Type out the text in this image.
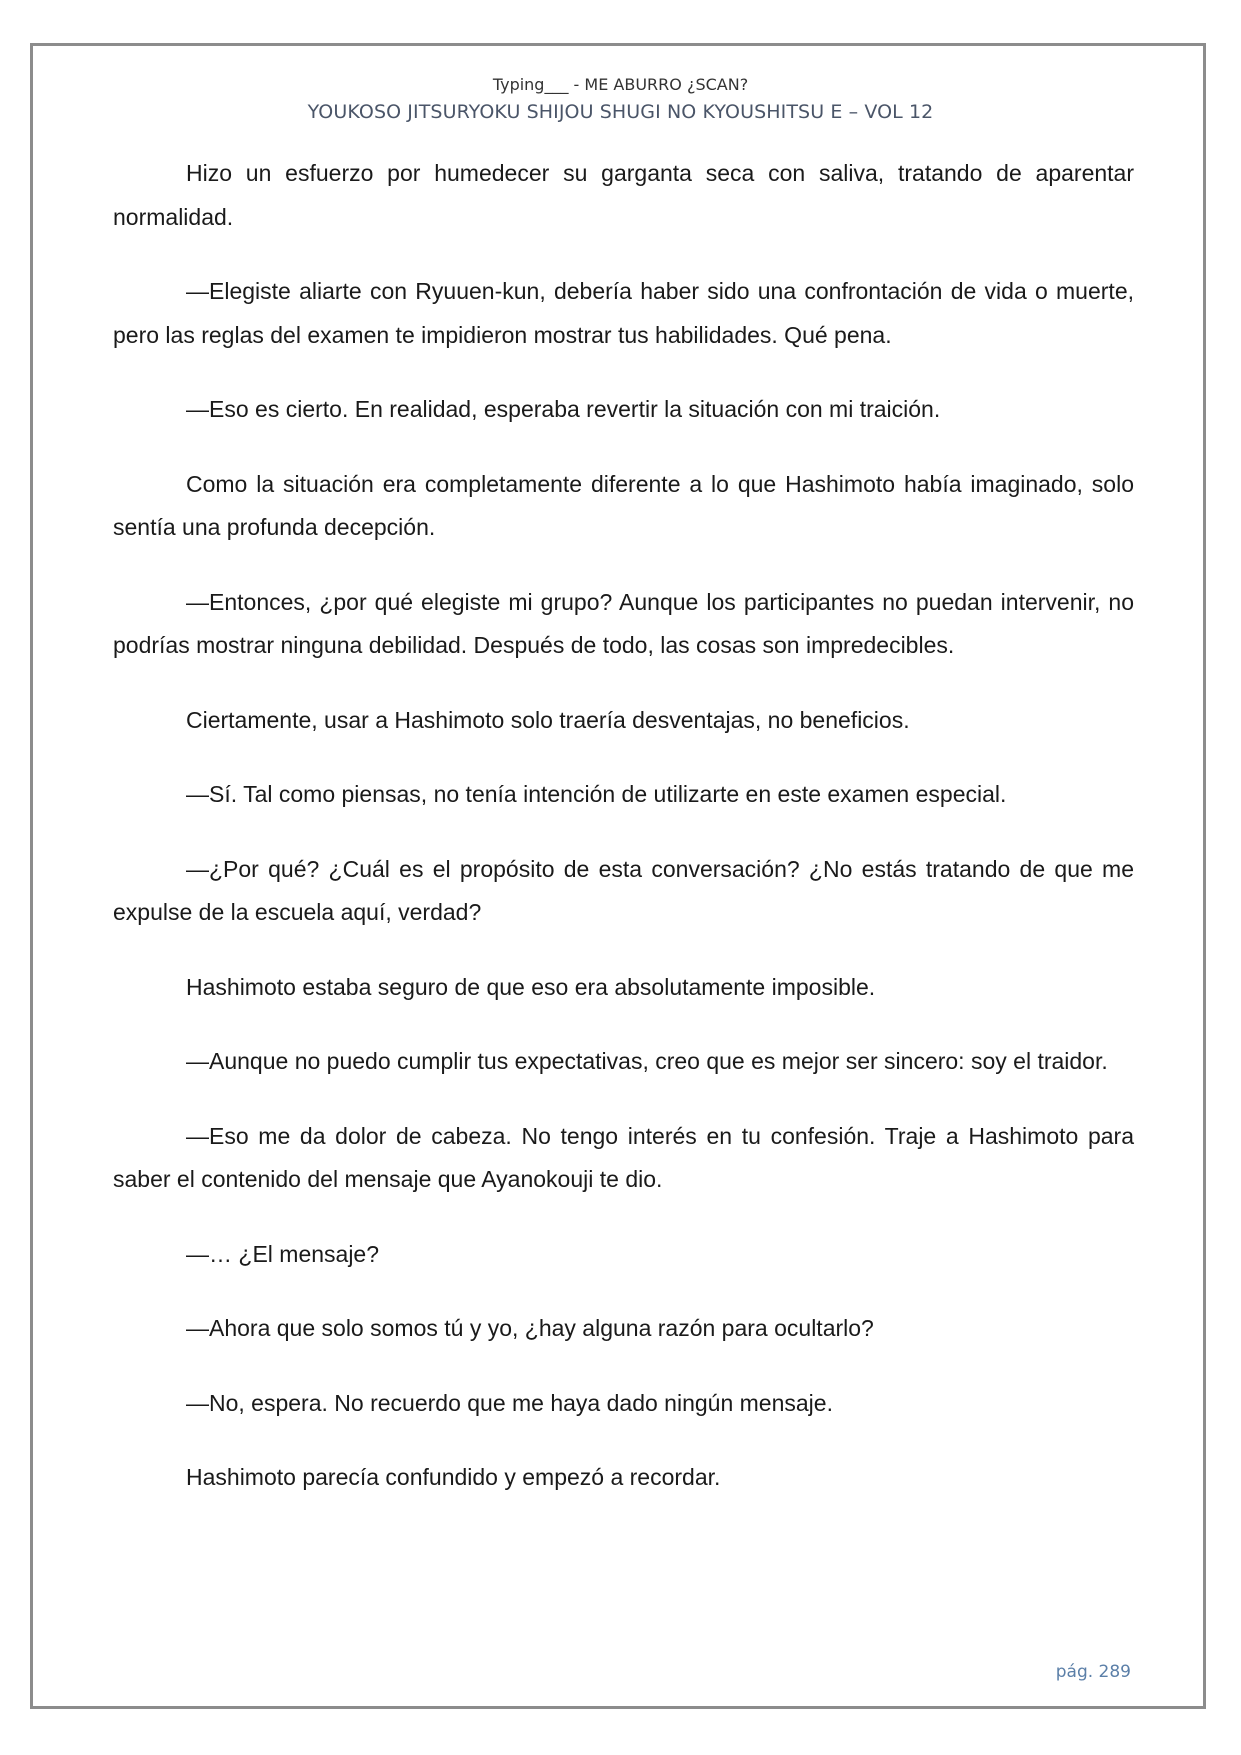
Typing___ - ME ABURRO ¿SCAN?
YOUKOSO JITSURYOKU SHIJOU SHUGI NO KYOUSHITSU E – VOL 12

Hizo un esfuerzo por humedecer su garganta seca con saliva, tratando de aparentar normalidad.

—Elegiste aliarte con Ryuuen-kun, debería haber sido una confrontación de vida o muerte, pero las reglas del examen te impidieron mostrar tus habilidades. Qué pena.

—Eso es cierto. En realidad, esperaba revertir la situación con mi traición.

Como la situación era completamente diferente a lo que Hashimoto había imaginado, solo sentía una profunda decepción.

—Entonces, ¿por qué elegiste mi grupo? Aunque los participantes no puedan intervenir, no podrías mostrar ninguna debilidad. Después de todo, las cosas son impredecibles.

Ciertamente, usar a Hashimoto solo traería desventajas, no beneficios.

—Sí. Tal como piensas, no tenía intención de utilizarte en este examen especial.

—¿Por qué? ¿Cuál es el propósito de esta conversación? ¿No estás tratando de que me expulse de la escuela aquí, verdad?

Hashimoto estaba seguro de que eso era absolutamente imposible.

—Aunque no puedo cumplir tus expectativas, creo que es mejor ser sincero: soy el traidor.

—Eso me da dolor de cabeza. No tengo interés en tu confesión. Traje a Hashimoto para saber el contenido del mensaje que Ayanokouji te dio.

—… ¿El mensaje?

—Ahora que solo somos tú y yo, ¿hay alguna razón para ocultarlo?

—No, espera. No recuerdo que me haya dado ningún mensaje.

Hashimoto parecía confundido y empezó a recordar.

pág. 289
